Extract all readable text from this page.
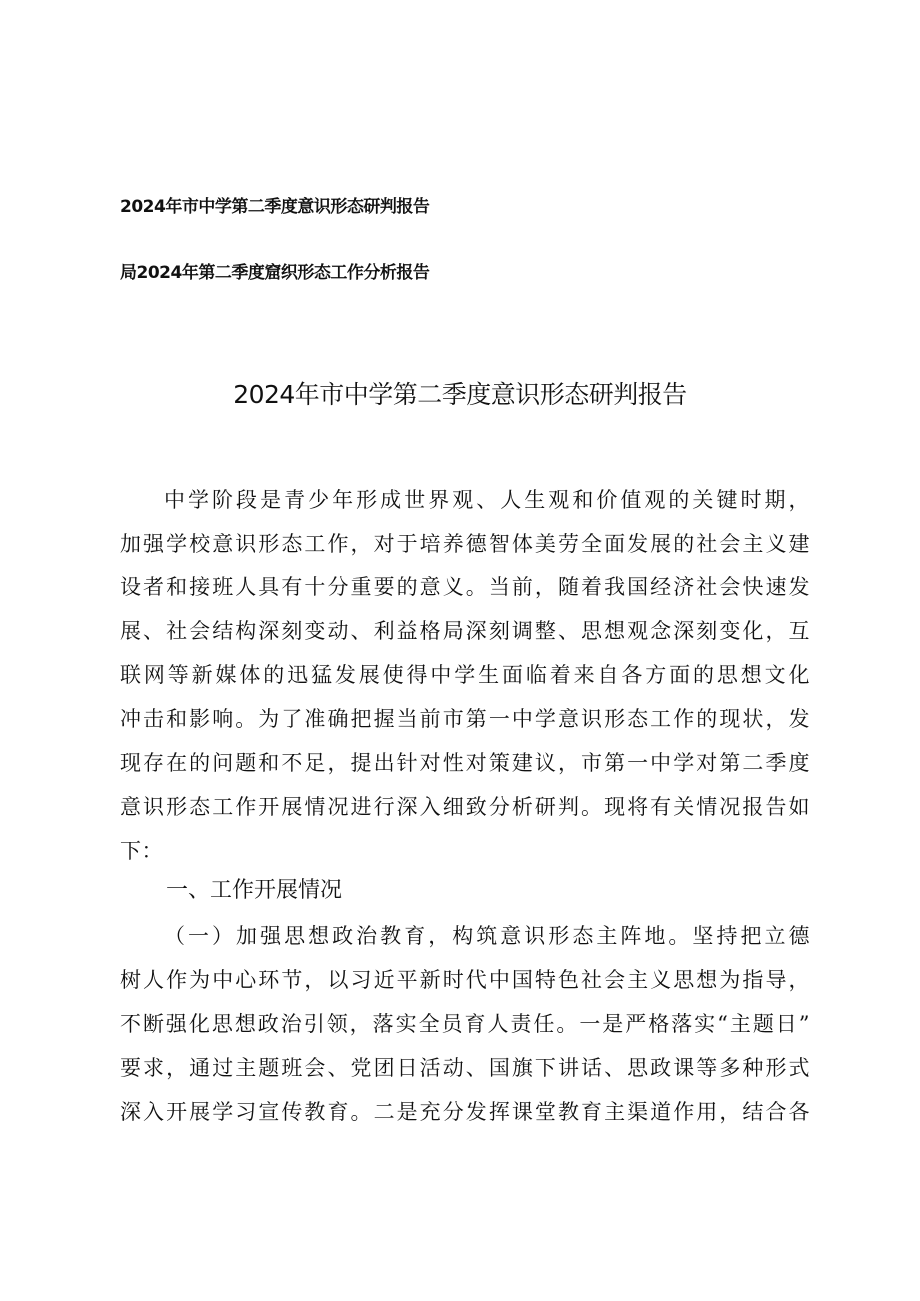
2024年市中学第二季度意识形态研判报告
局2024年第二季度窟织形态工作分析报告
2024年市中学第二季度意识形态研判报告
中学阶段是青少年形成世界观、人生观和价值观的关键时期，
加强学校意识形态工作，对于培养德智体美劳全面发展的社会主义建
设者和接班人具有十分重要的意义。当前，随着我国经济社会快速发
展、社会结构深刻变动、利益格局深刻调整、思想观念深刻变化，互
联网等新媒体的迅猛发展使得中学生面临着来自各方面的思想文化
冲击和影响。为了准确把握当前市第一中学意识形态工作的现状，发
现存在的问题和不足，提出针对性对策建议，市第一中学对第二季度
意识形态工作开展情况进行深入细致分析研判。现将有关情况报告如
下：
一、工作开展情况
（一）加强思想政治教育，构筑意识形态主阵地。坚持把立德
树人作为中心环节，以习近平新时代中国特色社会主义思想为指导，
不断强化思想政治引领，落实全员育人责任。一是严格落实“主题日”
要求，通过主题班会、党团日活动、国旗下讲话、思政课等多种形式
深入开展学习宣传教育。二是充分发挥课堂教育主渠道作用，结合各
